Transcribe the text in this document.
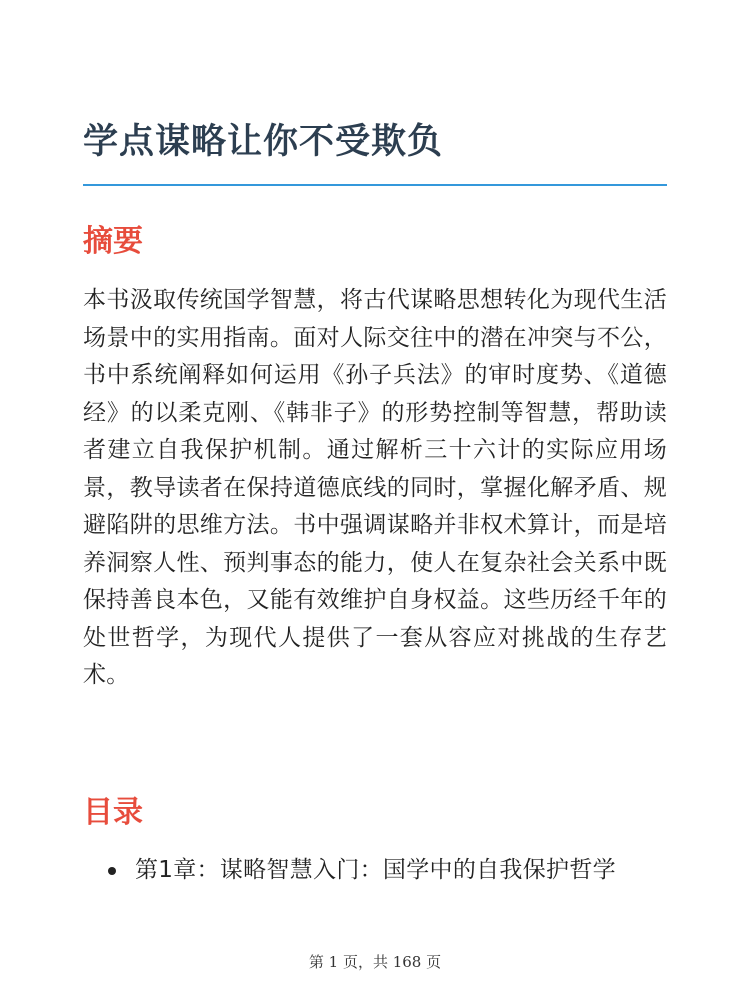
学点谋略让你不受欺负
摘要

本书汲取传统国学智慧，将古代谋略思想转化为现代生活场景中的实用指南。面对人际交往中的潜在冲突与不公，书中系统阐释如何运用《孙子兵法》的审时度势、《道德经》的以柔克刚、《韩非子》的形势控制等智慧，帮助读者建立自我保护机制。通过解析三十六计的实际应用场景，教导读者在保持道德底线的同时，掌握化解矛盾、规避陷阱的思维方法。书中强调谋略并非权术算计，而是培养洞察人性、预判事态的能力，使人在复杂社会关系中既保持善良本色，又能有效维护自身权益。这些历经千年的处世哲学，为现代人提供了一套从容应对挑战的生存艺术。

目录
第1章：谋略智慧入门：国学中的自我保护哲学
第 1 页，共 168 页
